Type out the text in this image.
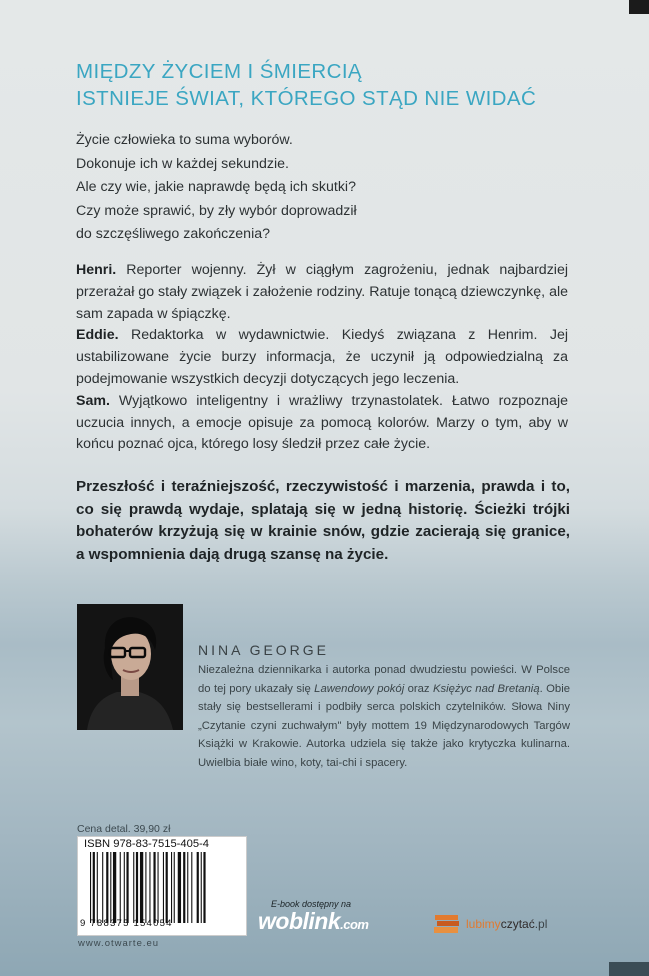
MIĘDZY ŻYCIEM I ŚMIERCIĄ
ISTNIEJE ŚWIAT, KTÓREGO STĄD NIE WIDAĆ
Życie człowieka to suma wyborów.
Dokonuje ich w każdej sekundzie.
Ale czy wie, jakie naprawdę będą ich skutki?
Czy może sprawić, by zły wybór doprowadził
do szczęśliwego zakończenia?

Henri. Reporter wojenny. Żył w ciągłym zagrożeniu, jednak najbardziej przerażał go stały związek i założenie rodziny. Ratuje tonącą dziewczynkę, ale sam zapada w śpiączkę.

Eddie. Redaktorka w wydawnictwie. Kiedyś związana z Henrim. Jej ustabilizowane życie burzy informacja, że uczynił ją odpowiedzialną za podejmowanie wszystkich decyzji dotyczących jego leczenia.

Sam. Wyjątkowo inteligentny i wrażliwy trzynastolatek. Łatwo rozpoznaje uczucia innych, a emocje opisuje za pomocą kolorów. Marzy o tym, aby w końcu poznać ojca, którego losy śledził przez całe życie.

Przeszłość i teraźniejszość, rzeczywistość i marzenia, prawda i to, co się prawdą wydaje, splatają się w jedną historię. Ścieżki trójki bohaterów krzyżują się w krainie snów, gdzie zacierają się granice, a wspomnienia dają drugą szansę na życie.
NINA GEORGE
Niezależna dziennikarka i autorka ponad dwudziestu powieści. W Polsce do tej pory ukazały się Lawendowy pokój oraz Księżyc nad Bretanią. Obie stały się bestsellerami i podbiły serca polskich czytelników. Słowa Niny „Czytanie czyni zuchwałym" były mottem 19 Międzynarodowych Targów Książki w Krakowie. Autorka udziela się także jako krytyczka kulinarna. Uwielbia białe wino, koty, tai-chi i spacery.
Cena detal. 39,90 zł
ISBN 978-83-7515-405-4
9 788375 154054
www.otwarte.eu
E-book dostępny na
woblink.com	lubimyczytać.pl
